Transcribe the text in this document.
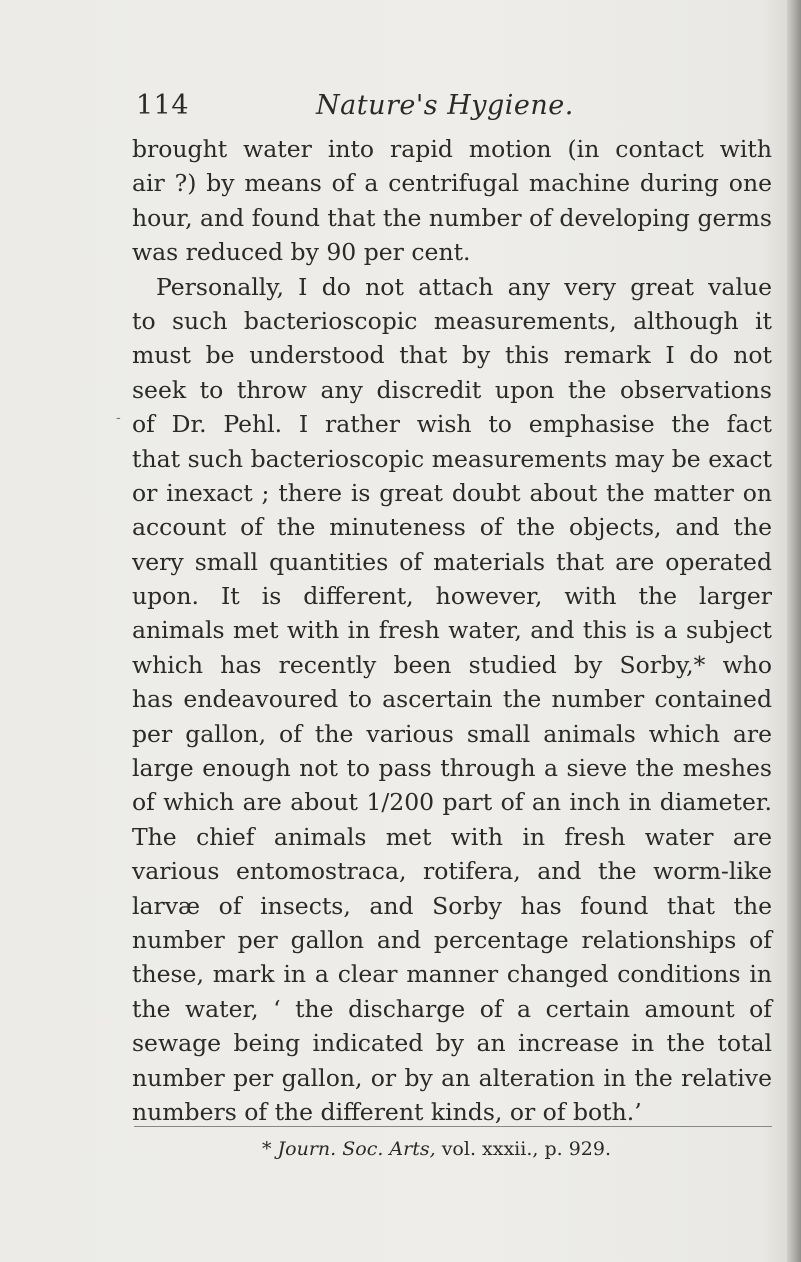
114	Nature's Hygiene.
-
brought water into rapid motion (in contact with
air ?) by means of a centrifugal machine during one
hour, and found that the number of developing germs
was reduced by 90 per cent.
Personally, I do not attach any very great value
to such bacterioscopic measurements, although it
must be understood that by this remark I do not
seek to throw any discredit upon the observations
of Dr. Pehl. I rather wish to emphasise the fact
that such bacterioscopic measurements may be exact
or inexact ; there is great doubt about the matter on
account of the minuteness of the objects, and the
very small quantities of materials that are operated
upon. It is different, however, with the larger
animals met with in fresh water, and this is a subject
which has recently been studied by Sorby,* who
has endeavoured to ascertain the number contained
per gallon, of the various small animals which are
large enough not to pass through a sieve the meshes
of which are about 1/200 part of an inch in diameter.
The chief animals met with in fresh water are
various entomostraca, rotifera, and the worm-like
larvæ of insects, and Sorby has found that the
number per gallon and percentage relationships of
these, mark in a clear manner changed conditions in
the water, ‘ the discharge of a certain amount of
sewage being indicated by an increase in the total
number per gallon, or by an alteration in the relative
numbers of the different kinds, or of both.’
* Journ. Soc. Arts, vol. xxxii., p. 929.
